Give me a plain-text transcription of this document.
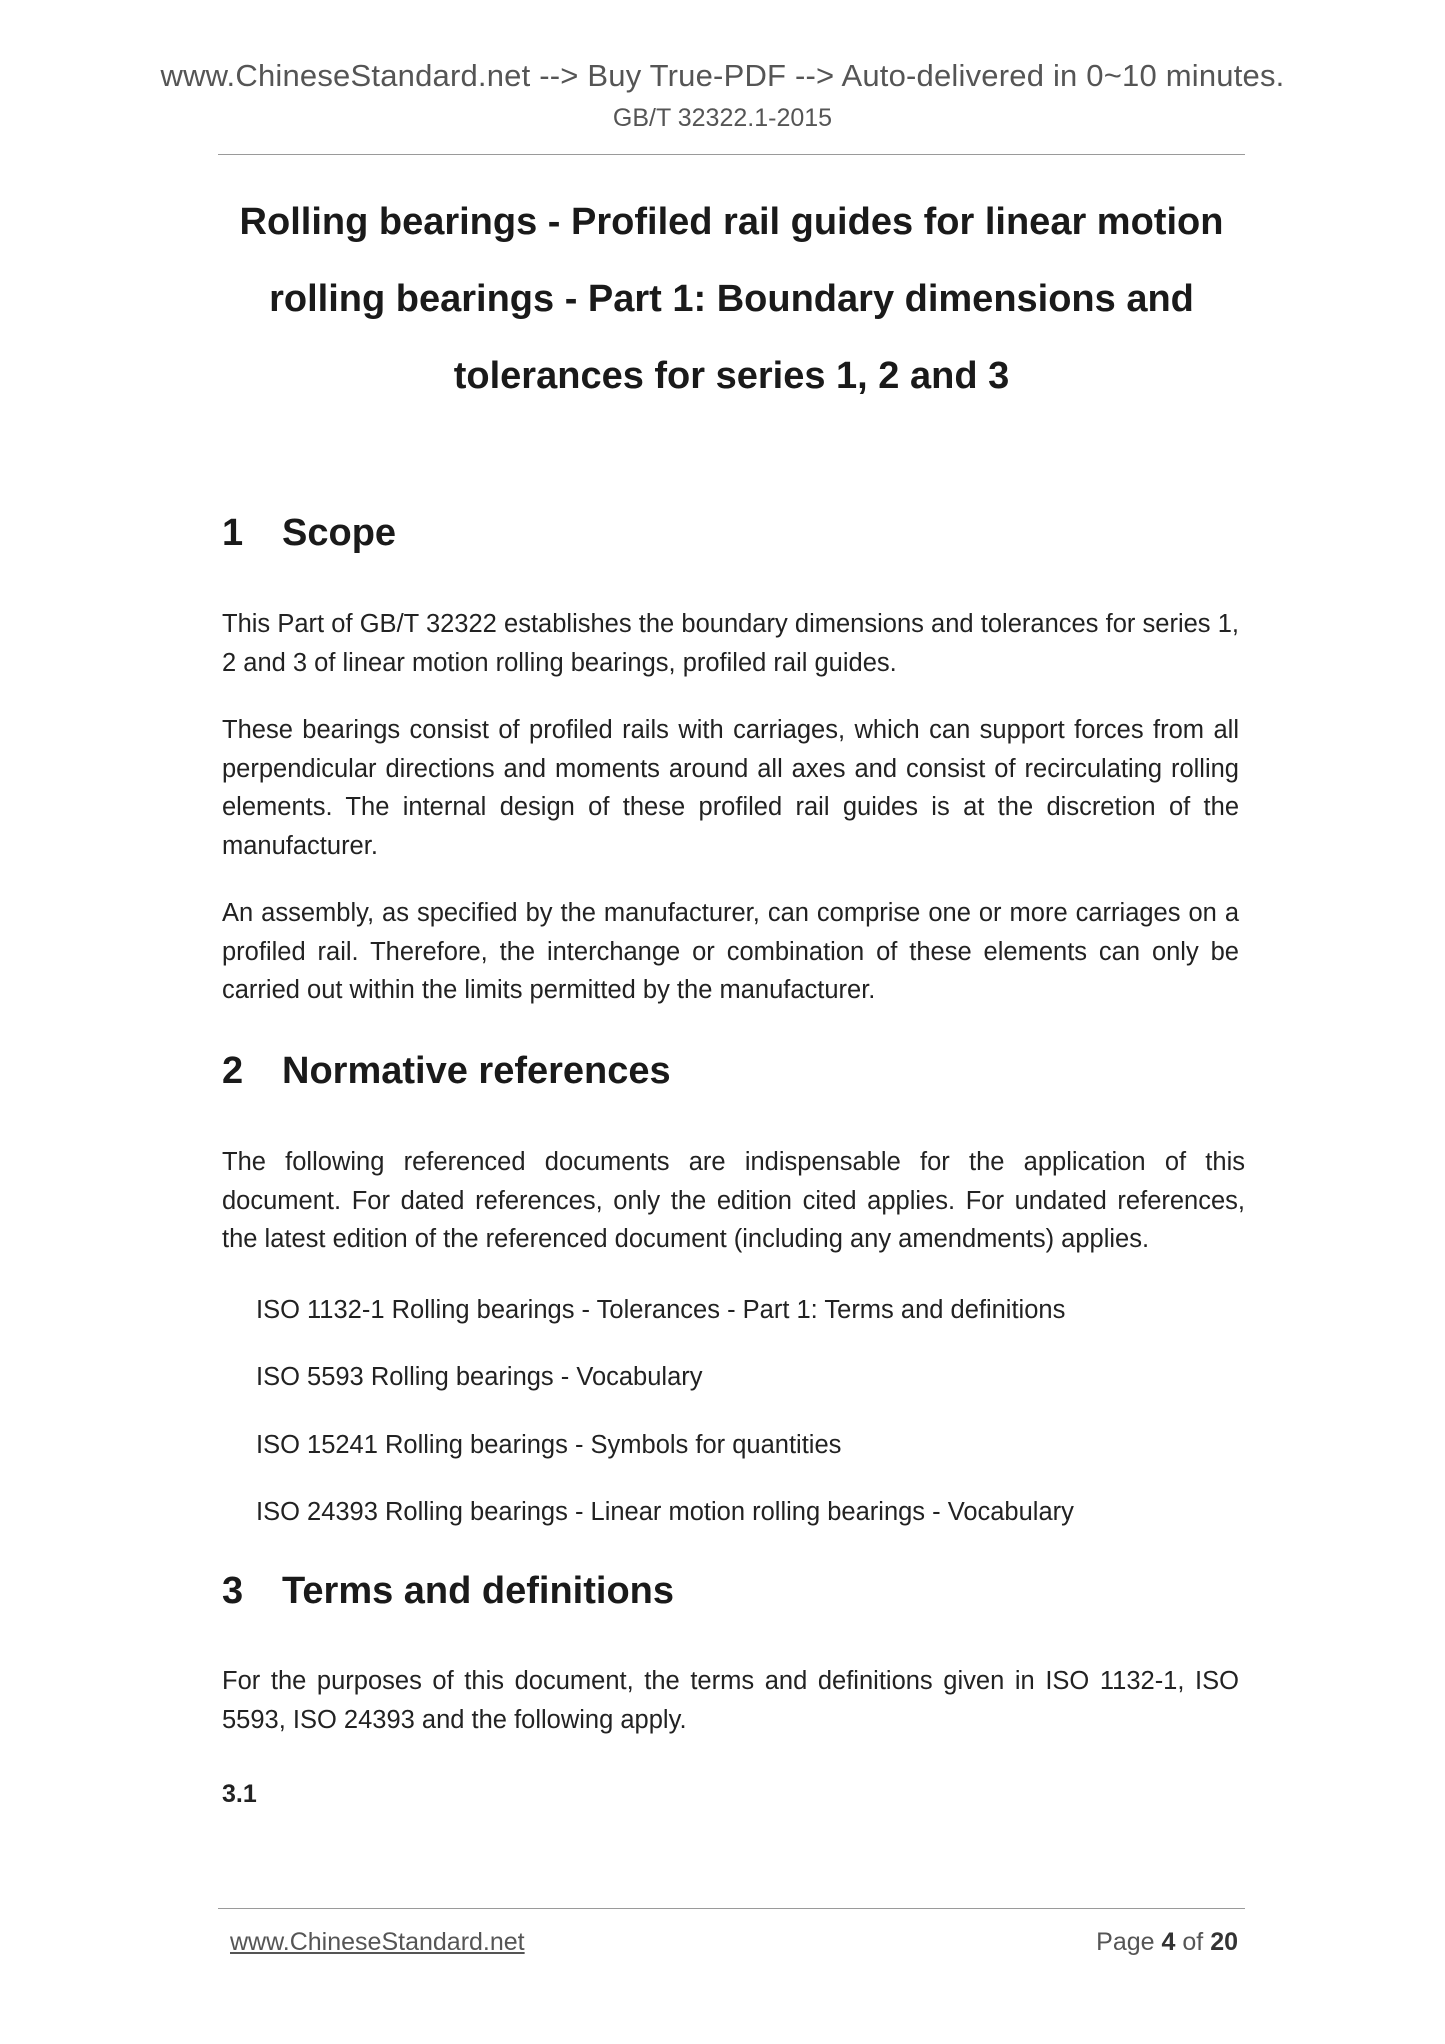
www.ChineseStandard.net --> Buy True-PDF --> Auto-delivered in 0~10 minutes.
GB/T 32322.1-2015
Rolling bearings - Profiled rail guides for linear motion
rolling bearings - Part 1: Boundary dimensions and
tolerances for series 1, 2 and 3
1 Scope

This Part of GB/T 32322 establishes the boundary dimensions and tolerances for series 1, 2 and 3 of linear motion rolling bearings, profiled rail guides.

These bearings consist of profiled rails with carriages, which can support forces from all perpendicular directions and moments around all axes and consist of recirculating rolling elements. The internal design of these profiled rail guides is at the discretion of the manufacturer.

An assembly, as specified by the manufacturer, can comprise one or more carriages on a profiled rail. Therefore, the interchange or combination of these elements can only be carried out within the limits permitted by the manufacturer.

2 Normative references

The following referenced documents are indispensable for the application of this document. For dated references, only the edition cited applies. For undated references, the latest edition of the referenced document (including any amendments) applies.

ISO 1132-1 Rolling bearings - Tolerances - Part 1: Terms and definitions
ISO 5593 Rolling bearings - Vocabulary
ISO 15241 Rolling bearings - Symbols for quantities
ISO 24393 Rolling bearings - Linear motion rolling bearings - Vocabulary
3 Terms and definitions

For the purposes of this document, the terms and definitions given in ISO 1132-1, ISO 5593, ISO 24393 and the following apply.

3.1
www.ChineseStandard.net	Page 4 of 20
